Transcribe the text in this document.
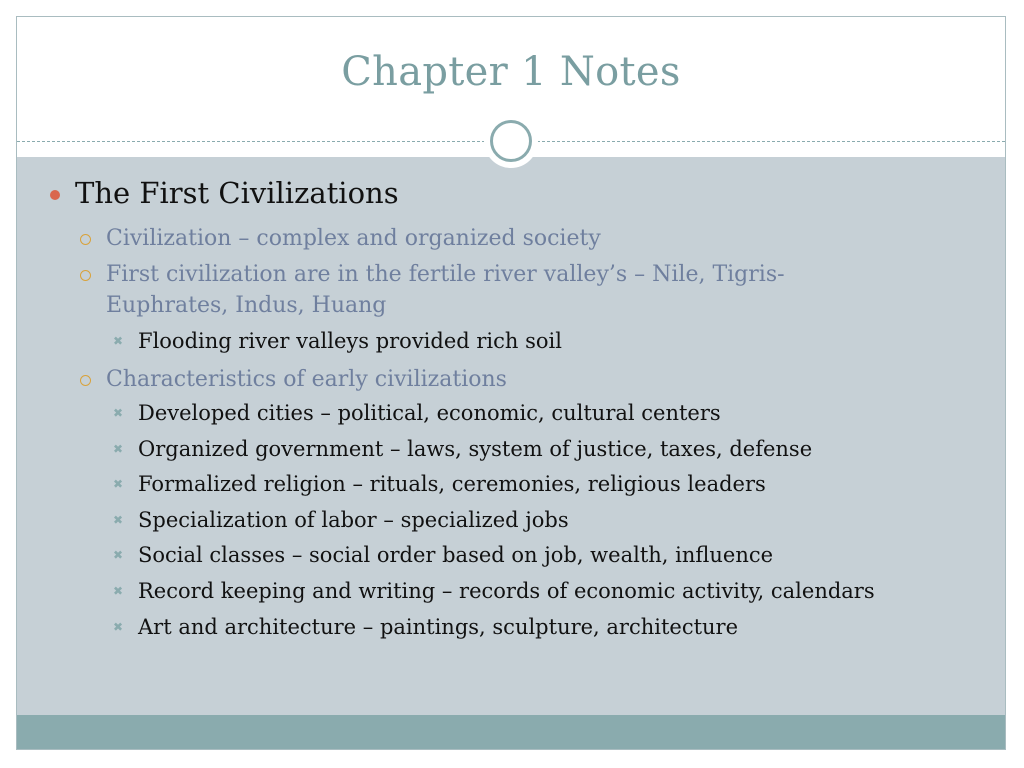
Chapter 1 Notes
The First Civilizations
Civilization – complex and organized society
First civilization are in the fertile river valley’s – Nile, Tigris-
Euphrates, Indus, Huang
✖ Flooding river valleys provided rich soil
Characteristics of early civilizations
✖ Developed cities – political, economic, cultural centers
✖ Organized government – laws, system of justice, taxes, defense
✖ Formalized religion – rituals, ceremonies, religious leaders
✖ Specialization of labor – specialized jobs
✖ Social classes – social order based on job, wealth, influence
✖ Record keeping and writing – records of economic activity, calendars
✖ Art and architecture – paintings, sculpture, architecture
